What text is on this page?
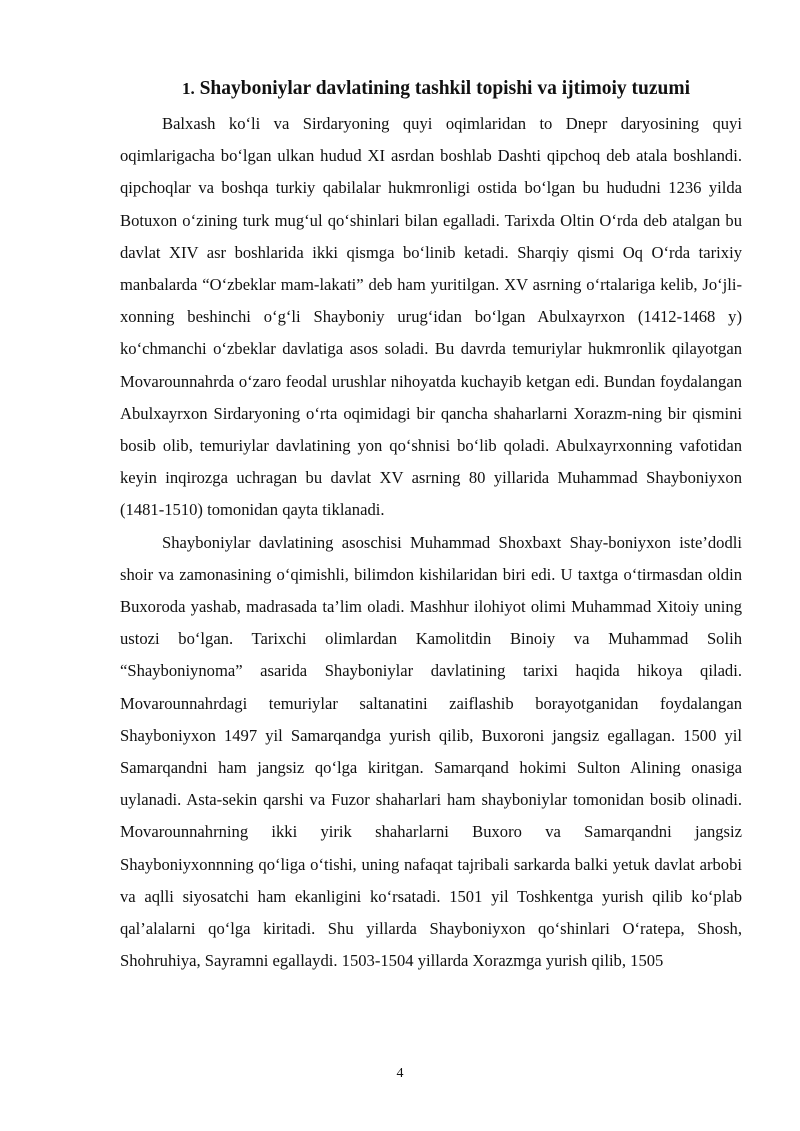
1. Shayboniylar davlatining tashkil topishi va ijtimoiy tuzumi

Balxash ko‘li va Sirdaryoning quyi oqimlaridan to Dnepr daryosining quyi oqimlarigacha bo‘lgan ulkan hudud XI asrdan boshlab Dashti qipchoq deb atala boshlandi. qipchoqlar va boshqa turkiy qabilalar hukmronligi ostida bo‘lgan bu hududni 1236 yilda Botuxon o‘zining turk mug‘ul qo‘shinlari bilan egalladi. Tarixda Oltin O‘rda deb atalgan bu davlat XIV asr boshlarida ikki qismga bo‘linib ketadi. Sharqiy qismi Oq O‘rda tarixiy manbalarda “O‘zbeklar mam-lakati” deb ham yuritilgan. XV asrning o‘rtalariga kelib, Jo‘jli-xonning beshinchi o‘g‘li Shayboniy urug‘idan bo‘lgan Abulxayrxon (1412-1468 y) ko‘chmanchi o‘zbeklar davlatiga asos soladi. Bu davrda temuriylar hukmronlik qilayotgan Movarounnahrda o‘zaro feodal urushlar nihoyatda kuchayib ketgan edi. Bundan foydalangan Abulxayrxon Sirdaryoning o‘rta oqimidagi bir qancha shaharlarni Xorazm-ning bir qismini bosib olib, temuriylar davlatining yon qo‘shnisi bo‘lib qoladi. Abulxayrxonning vafotidan keyin inqirozga uchragan bu davlat XV asrning 80 yillarida Muhammad Shayboniyxon (1481-1510) tomonidan qayta tiklanadi.

Shayboniylar davlatining asoschisi Muhammad Shoxbaxt Shay-boniyxon iste’dodli shoir va zamonasining o‘qimishli, bilimdon kishilaridan biri edi. U taxtga o‘tirmasdan oldin Buxoroda yashab, madrasada ta’lim oladi. Mashhur ilohiyot olimi Muhammad Xitoiy uning ustozi bo‘lgan. Tarixchi olimlardan Kamolitdin Binoiy va Muhammad Solih “Shayboniynoma” asarida Shayboniylar davlatining tarixi haqida hikoya qiladi. Movarounnahrdagi temuriylar saltanatini zaiflashib borayotganidan foydalangan Shayboniyxon 1497 yil Samarqandga yurish qilib, Buxoroni jangsiz egallagan. 1500 yil Samarqandni ham jangsiz qo‘lga kiritgan. Samarqand hokimi Sulton Alining onasiga uylanadi. Asta-sekin qarshi va Fuzor shaharlari ham shayboniylar tomonidan bosib olinadi. Movarounnahrning ikki yirik shaharlarni Buxoro va Samarqandni jangsiz Shayboniyxonnning qo‘liga o‘tishi, uning nafaqat tajribali sarkarda balki yetuk davlat arbobi va aqlli siyosatchi ham ekanligini ko‘rsatadi. 1501 yil Toshkentga yurish qilib ko‘plab qal’alalarni qo‘lga kiritadi. Shu yillarda Shayboniyxon qo‘shinlari O‘ratepa, Shosh, Shohruhiya, Sayramni egallaydi. 1503-1504 yillarda Xorazmga yurish qilib, 1505

4
